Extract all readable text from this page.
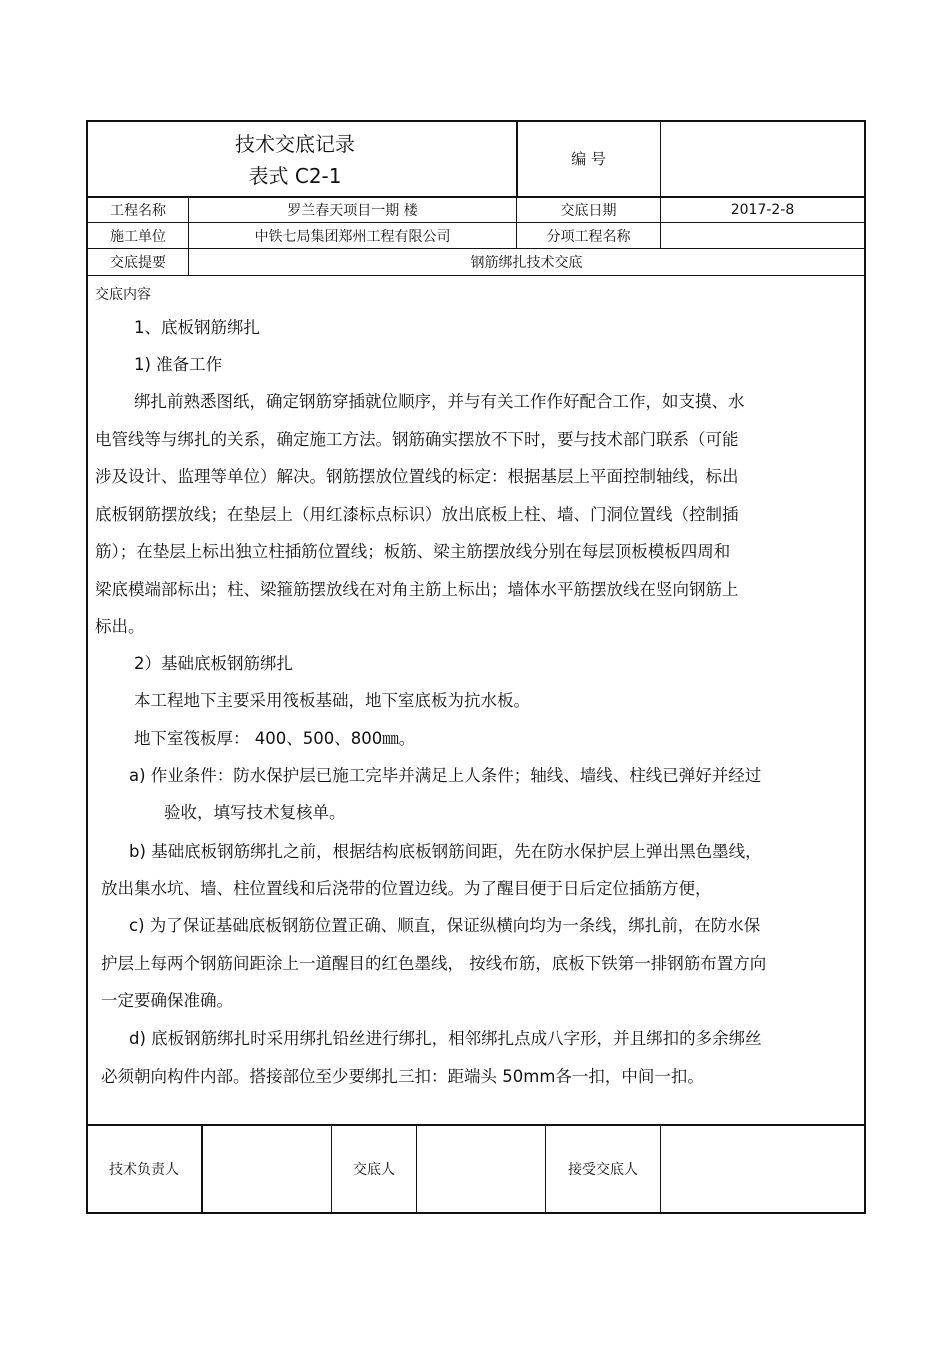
技术交底记录
表式 C2-1
编 号
工程名称	罗兰春天项目一期 楼	交底日期	2017-2-8
施工单位	中铁七局集团郑州工程有限公司	分项工程名称
交底提要	钢筋绑扎技术交底
交底内容
1、底板钢筋绑扎
1) 准备工作
绑扎前熟悉图纸，确定钢筋穿插就位顺序，并与有关工作作好配合工作，如支摸、水
电管线等与绑扎的关系，确定施工方法。钢筋确实摆放不下时，要与技术部门联系（可能
涉及设计、监理等单位）解决。钢筋摆放位置线的标定：根据基层上平面控制轴线，标出
底板钢筋摆放线；在垫层上（用红漆标点标识）放出底板上柱、墙、门洞位置线（控制插
筋）；在垫层上标出独立柱插筋位置线；板筋、梁主筋摆放线分别在每层顶板模板四周和
梁底模端部标出；柱、梁箍筋摆放线在对角主筋上标出；墙体水平筋摆放线在竖向钢筋上
标出。
2）基础底板钢筋绑扎
本工程地下主要采用筏板基础，地下室底板为抗水板。
地下室筏板厚： 400、500、800㎜。
a) 作业条件：防水保护层已施工完毕并满足上人条件；轴线、墙线、柱线已弹好并经过
验收，填写技术复核单。
b) 基础底板钢筋绑扎之前，根据结构底板钢筋间距，先在防水保护层上弹出黑色墨线，
放出集水坑、墙、柱位置线和后浇带的位置边线。为了醒目便于日后定位插筋方便，
c) 为了保证基础底板钢筋位置正确、顺直，保证纵横向均为一条线，绑扎前，在防水保
护层上每两个钢筋间距涂上一道醒目的红色墨线， 按线布筋，底板下铁第一排钢筋布置方向
一定要确保准确。
d) 底板钢筋绑扎时采用绑扎铅丝进行绑扎，相邻绑扎点成八字形，并且绑扣的多余绑丝
必须朝向构件内部。搭接部位至少要绑扎三扣：距端头 50mm各一扣，中间一扣。
技术负责人	交底人	接受交底人
